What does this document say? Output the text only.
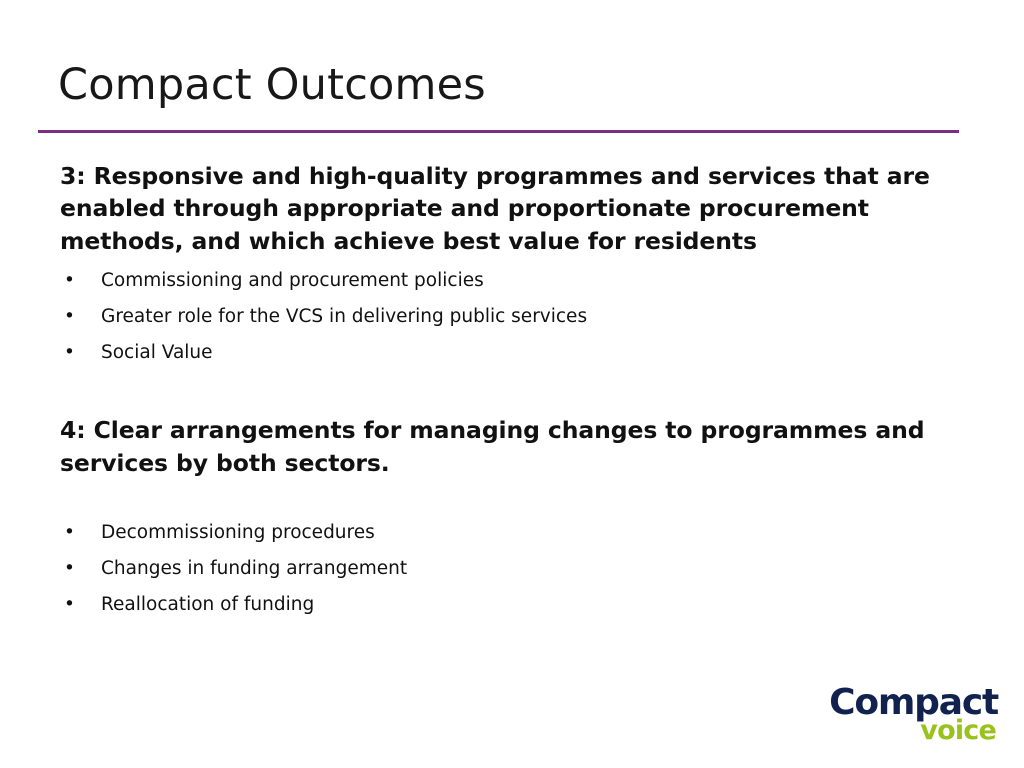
Compact Outcomes

3: Responsive and high-quality programmes and services that are enabled through appropriate and proportionate procurement methods, and which achieve best value for residents

• Commissioning and procurement policies
• Greater role for the VCS in delivering public services
• Social Value

4: Clear arrangements for managing changes to programmes and services by both sectors.

• Decommissioning procedures
• Changes in funding arrangement
• Reallocation of funding
Compact
voice
